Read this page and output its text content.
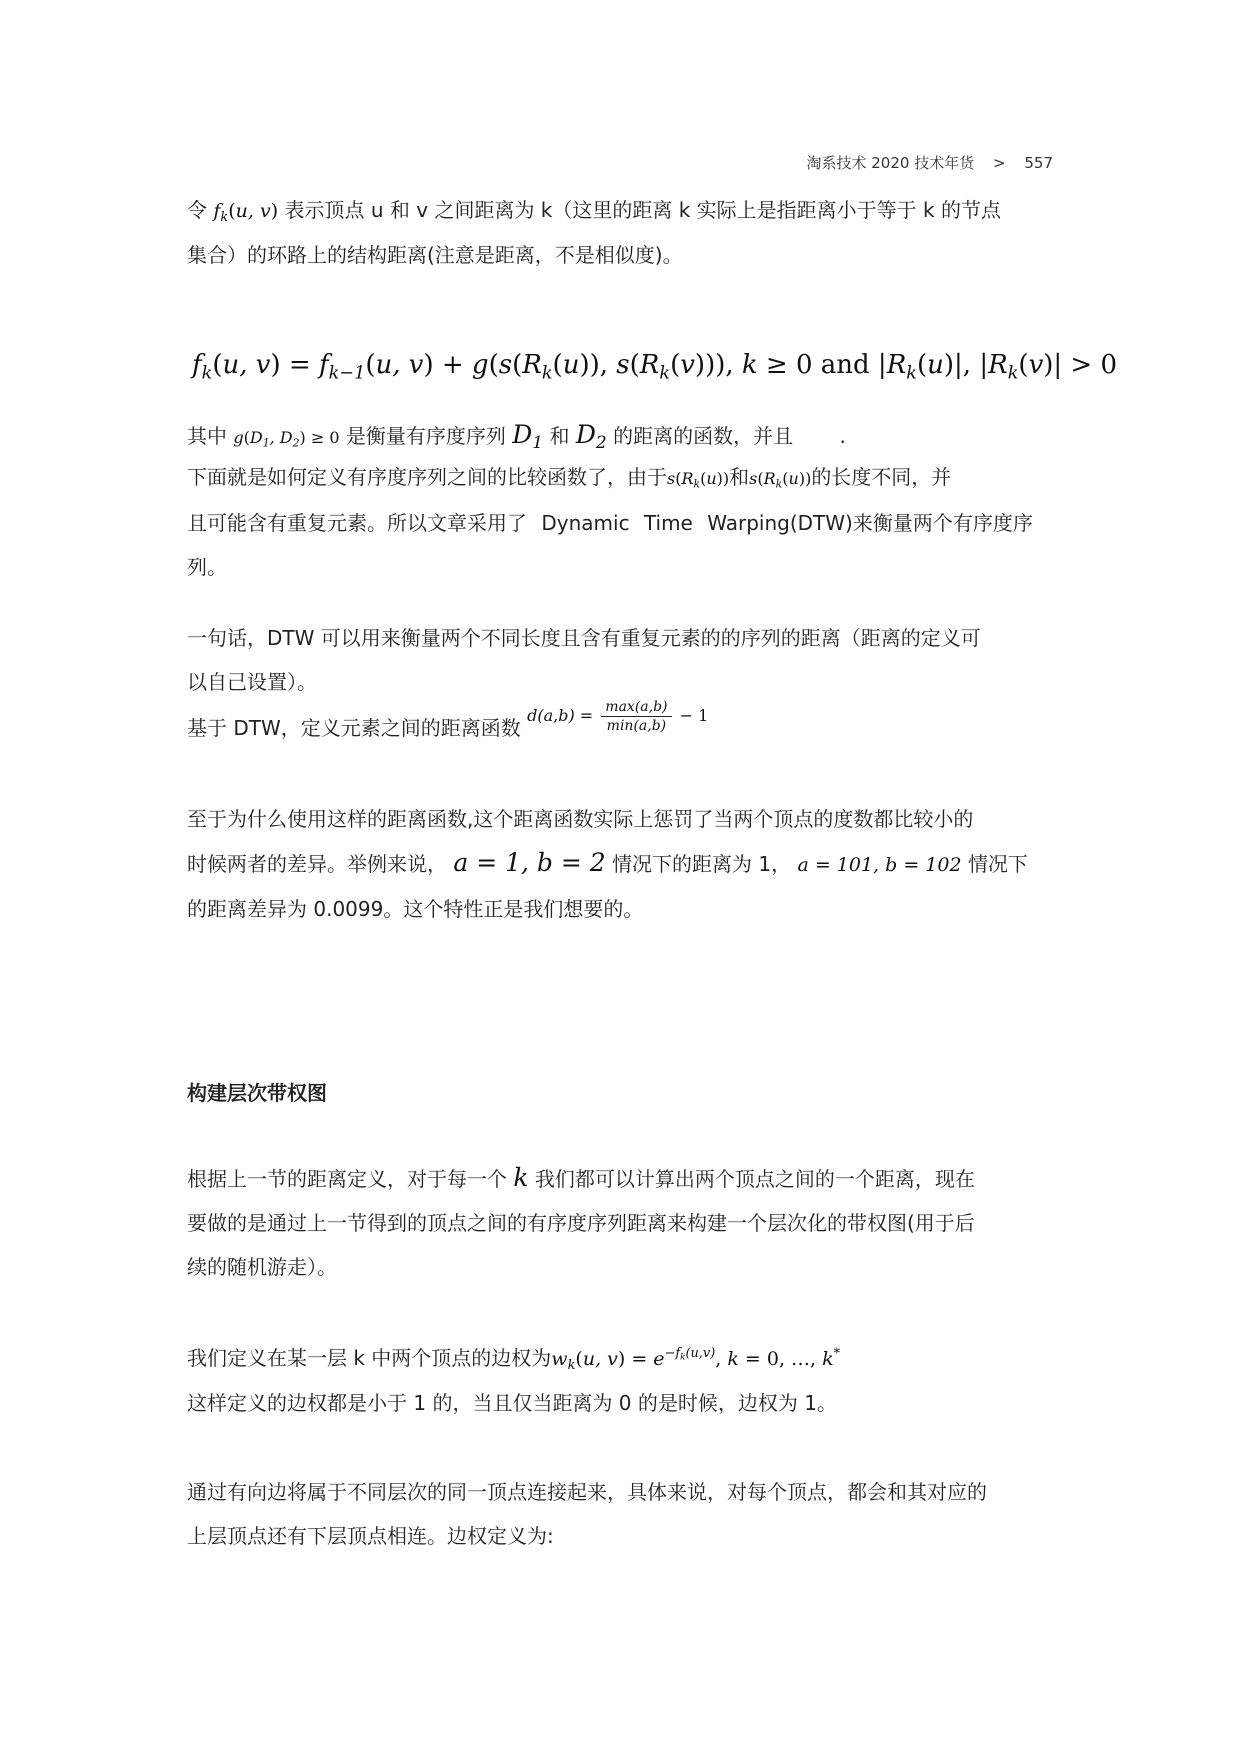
淘系技术 2020 技术年货 > 557
令 $f_k(u$, v) 表示顶点 u 和 v 之间距离为 k（这里的距离 k 实际上是指距离小于等于 k 的节点
集合）的环路上的结构距离(注意是距离，不是相似度)。
$f_k(u$, $v) = f_{k-1}(u$, $v) + g(s(R_k(u))$, $s(R_k(v))$), k ≥ 0 and $|R_k(u)|$, $|R_k(v)| > 0$
其中 $g(D_1$, $D_2) \ge 0$ 是衡量有序度序列 $D_1$ 和 $D_2$ 的距离的函数，并且 .
下面就是如何定义有序度序列之间的比较函数了，由于$s(R_k(u))$和$s(R_k(u))$的长度不同，并
且可能含有重复元素。所以文章采用了 Dynamic Time Warping(DTW)来衡量两个有序度序
列。
一句话，DTW 可以用来衡量两个不同长度且含有重复元素的的序列的距离（距离的定义可
以自己设置）。
基于 DTW，定义元素之间的距离函数 $^{d(a,b) = \frac{\max(a,b)}{\min(a,b)} - 1}$
至于为什么使用这样的距离函数,这个距离函数实际上惩罚了当两个顶点的度数都比较小的
时候两者的差异。举例来说， a = 1, b = 2 情况下的距离为 1， a = 101, b = 102 情况下
的距离差异为 0.0099。这个特性正是我们想要的。
构建层次带权图
根据上一节的距离定义，对于每一个 k 我们都可以计算出两个顶点之间的一个距离，现在
要做的是通过上一节得到的顶点之间的有序度序列距离来构建一个层次化的带权图(用于后
续的随机游走）。
我们定义在某一层 k 中两个顶点的边权为$w_k(u$, $v) = e^{-f_k(u,v)}$, k = 0, …, k*
这样定义的边权都是小于 1 的，当且仅当距离为 0 的是时候，边权为 1。
通过有向边将属于不同层次的同一顶点连接起来，具体来说，对每个顶点，都会和其对应的
上层顶点还有下层顶点相连。边权定义为:
